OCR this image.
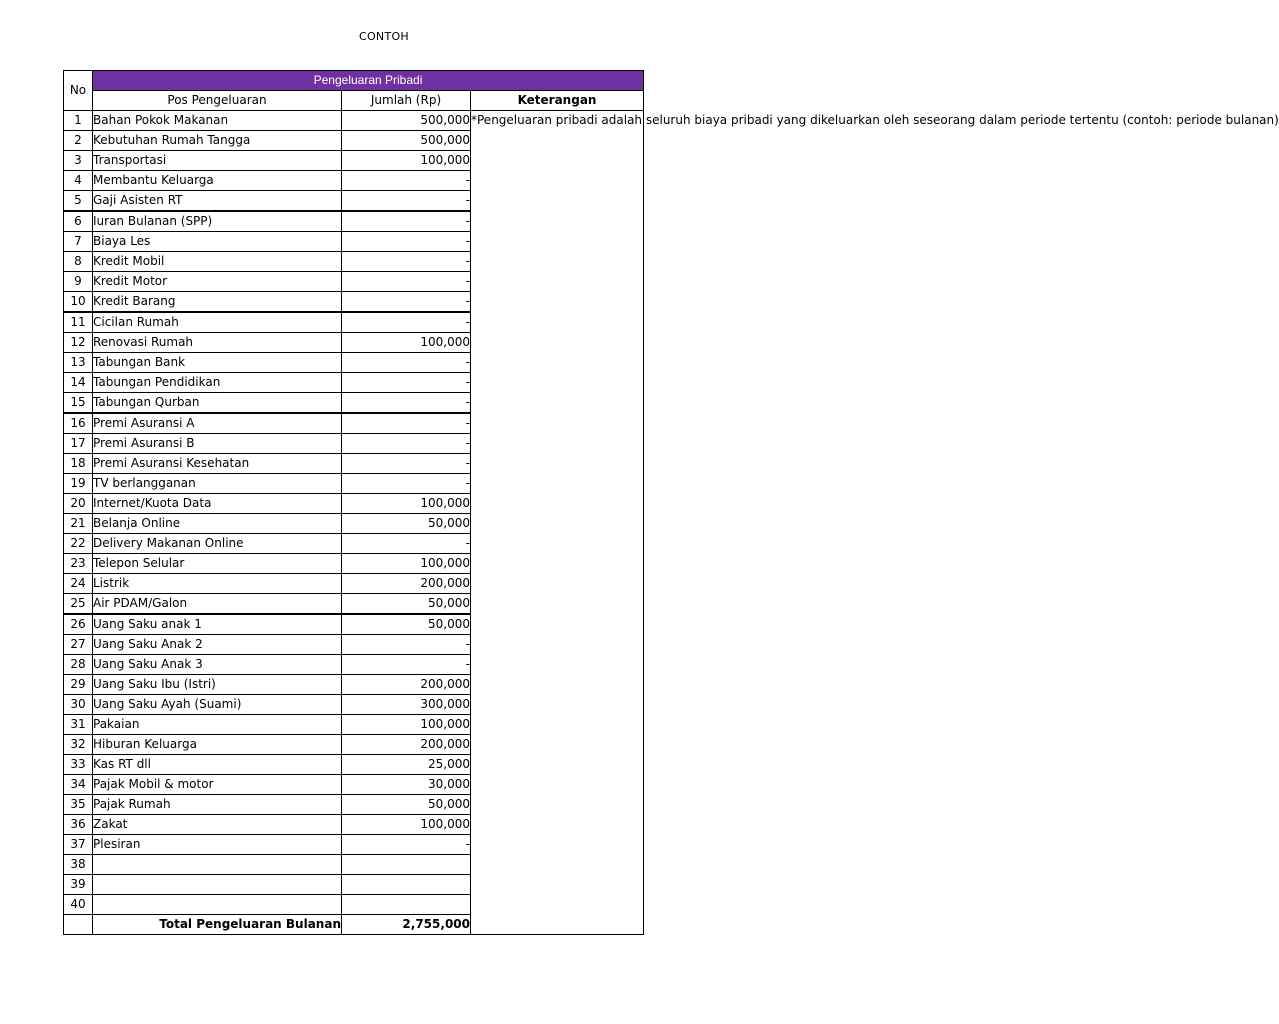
CONTOH
No	Pengeluaran Pribadi		
	Pos Pengeluaran	Jumlah (Rp)	Keterangan
1	Bahan Pokok Makanan	500,000	*Pengeluaran pribadi adalah seluruh biaya pribadi yang dikeluarkan oleh seseorang dalam periode tertentu (contoh: periode bulanan)
2	Kebutuhan Rumah Tangga	500,000	
3	Transportasi	100,000	
4	Membantu Keluarga	-	
5	Gaji Asisten RT	-	
6	Iuran Bulanan (SPP)	-	
7	Biaya Les	-	
8	Kredit Mobil	-	
9	Kredit Motor	-	
10	Kredit Barang	-	
11	Cicilan Rumah	-	
12	Renovasi Rumah	100,000	
13	Tabungan Bank	-	
14	Tabungan Pendidikan	-	
15	Tabungan Qurban	-	
16	Premi Asuransi A	-	
17	Premi Asuransi B	-	
18	Premi Asuransi Kesehatan	-	
19	TV berlangganan	-	
20	Internet/Kuota Data	100,000	
21	Belanja Online	50,000	
22	Delivery Makanan Online	-	
23	Telepon Selular	100,000	
24	Listrik	200,000	
25	Air PDAM/Galon	50,000	
26	Uang Saku anak 1	50,000	
27	Uang Saku Anak 2	-	
28	Uang Saku Anak 3	-	
29	Uang Saku Ibu (Istri)	200,000	
30	Uang Saku Ayah (Suami)	300,000	
31	Pakaian	100,000	
32	Hiburan Keluarga	200,000	
33	Kas RT dll	25,000	
34	Pajak Mobil & motor	30,000	
35	Pajak Rumah	50,000	
36	Zakat	100,000	
37	Plesiran	-	
38			
39			
40			
	Total Pengeluaran Bulanan	2,755,000	
